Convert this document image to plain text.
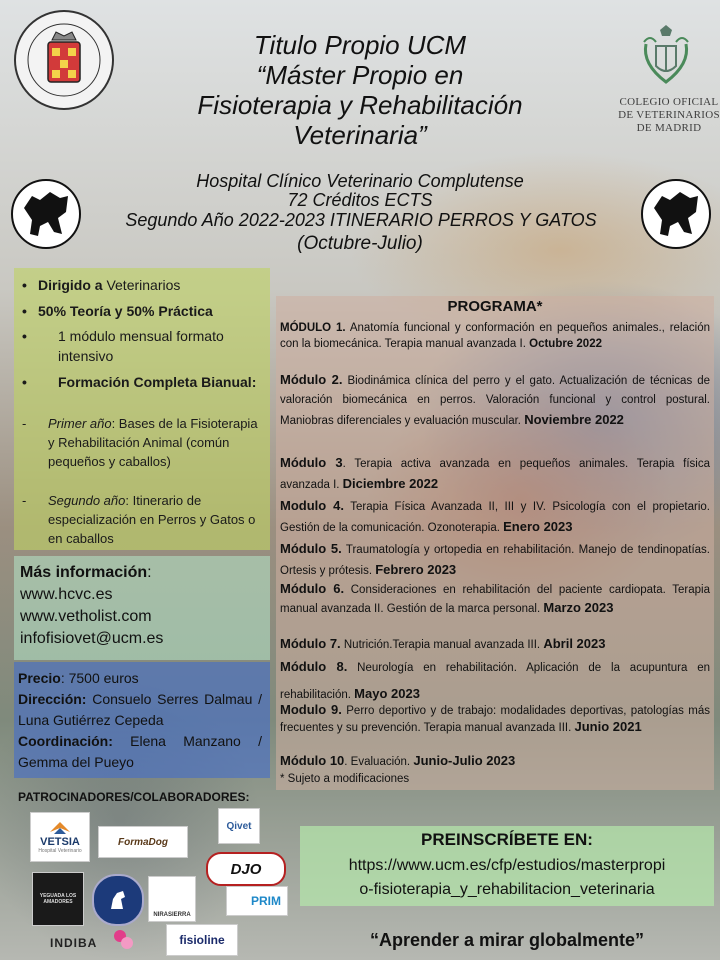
COLEGIO OFICIAL
DE VETERINARIOS
DE MADRID
Titulo Propio UCM
“Máster Propio en
Fisioterapia y Rehabilitación
Veterinaria”
Hospital Clínico Veterinario Complutense
72 Créditos ECTS
Segundo Año 2022-2023 ITINERARIO PERROS Y GATOS
(Octubre-Julio)
• Dirigido a Veterinarios
• 50% Teoría y 50% Práctica
• 1 módulo mensual formato intensivo
• Formación Completa Bianual:
- Primer año: Bases de la Fisioterapia y Rehabilitación Animal (común pequeños y caballos)
- Segundo año: Itinerario de especialización en Perros y Gatos o en caballos
Más información:
www.hcvc.es
www.vetholist.com
infofisiovet@ucm.es
Precio: 7500 euros
Dirección: Consuelo Serres Dalmau / Luna Gutiérrez Cepeda
Coordinación: Elena Manzano / Gemma del Pueyo
PROGRAMA*
MÓDULO 1. Anatomía funcional y conformación en pequeños animales., relación con la biomecánica. Terapia manual avanzada I. Octubre 2022
Módulo 2. Biodinámica clínica del perro y el gato. Actualización de técnicas de valoración biomecánica en perros. Valoración funcional y control postural. Maniobras diferenciales y evaluación muscular. Noviembre 2022
Módulo 3. Terapia activa avanzada en pequeños animales. Terapia física avanzada I. Diciembre 2022
Modulo 4. Terapia Física Avanzada II, III y IV. Psicología con el propietario. Gestión de la comunicación. Ozonoterapia. Enero 2023
Módulo 5. Traumatología y ortopedia en rehabilitación. Manejo de tendinopatías. Ortesis y prótesis. Febrero 2023
Módulo 6. Consideraciones en rehabilitación del paciente cardiopata. Terapia manual avanzada II. Gestión de la marca personal. Marzo 2023
Módulo 7. Nutrición.Terapia manual avanzada III. Abril 2023
Módulo 8. Neurología en rehabilitación. Aplicación de la acupuntura en rehabilitación. Mayo 2023
Modulo 9. Perro deportivo y de trabajo: modalidades deportivas, patologías más frecuentes y su prevención. Terapia manual avanzada III. Junio 2021
Módulo 10. Evaluación. Junio-Julio 2023
* Sujeto a modificaciones
PATROCINADORES/COLABORADORES:
VETSIA
Hospital Veterinario
FormaDog
Qivet
DJO
YEGUADA LOS AMADORES
NIRASIERRA
PRIM
INDIBA	fisioline
PREINSCRÍBETE EN:
https://www.ucm.es/cfp/estudios/masterpropi
o-fisioterapia_y_rehabilitacion_veterinaria
“Aprender a mirar globalmente”
